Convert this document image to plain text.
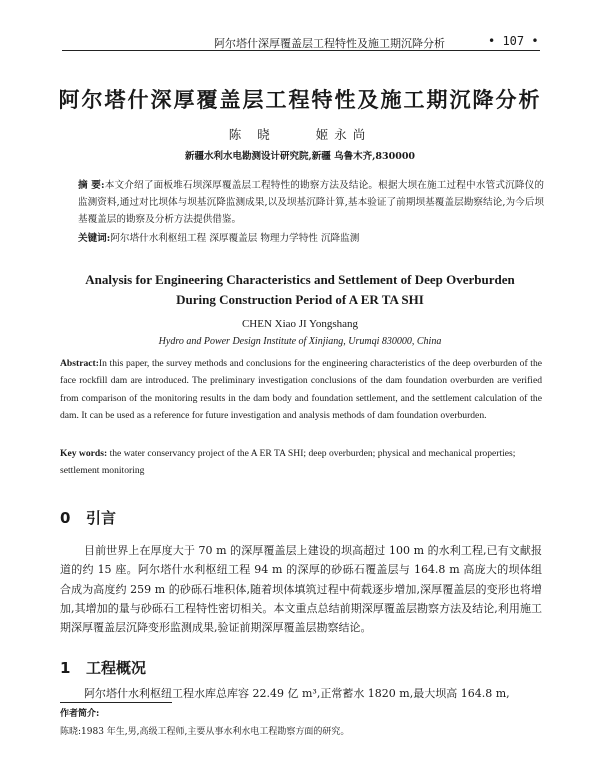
阿尔塔什深厚覆盖层工程特性及施工期沉降分析	• 107 •
阿尔塔什深厚覆盖层工程特性及施工期沉降分析
陈 晓	姬永尚
新疆水利水电勘测设计研究院,新疆 乌鲁木齐,830000
摘 要:本文介绍了面板堆石坝深厚覆盖层工程特性的勘察方法及结论。根据大坝在施工过程中水管式沉降仪的监测资料,通过对比坝体与坝基沉降监测成果,以及坝基沉降计算,基本验证了前期坝基覆盖层勘察结论,为今后坝基覆盖层的勘察及分析方法提供借鉴。
关键词:阿尔塔什水利枢纽工程 深厚覆盖层 物理力学特性 沉降监测
Analysis for Engineering Characteristics and Settlement of Deep Overburden
During Construction Period of A ER TA SHI
CHEN Xiao JI Yongshang
Hydro and Power Design Institute of Xinjiang, Urumqi 830000, China
Abstract:In this paper, the survey methods and conclusions for the engineering characteristics of the deep overburden of the face rockfill dam are introduced. The preliminary investigation conclusions of the dam foundation overburden are verified from comparison of the monitoring results in the dam body and foundation settlement, and the settlement calculation of the dam. It can be used as a reference for future investigation and analysis methods of dam foundation overburden.
Key words: the water conservancy project of the A ER TA SHI; deep overburden; physical and mechanical properties; settlement monitoring
0 引言

目前世界上在厚度大于 70 m 的深厚覆盖层上建设的坝高超过 100 m 的水利工程,已有文献报道的约 15 座。阿尔塔什水利枢纽工程 94 m 的深厚的砂砾石覆盖层与 164.8 m 高庞大的坝体组合成为高度约 259 m 的砂砾石堆积体,随着坝体填筑过程中荷载逐步增加,深厚覆盖层的变形也将增加,其增加的量与砂砾石工程特性密切相关。本文重点总结前期深厚覆盖层勘察方法及结论,利用施工期深厚覆盖层沉降变形监测成果,验证前期深厚覆盖层勘察结论。

1 工程概况

阿尔塔什水利枢纽工程水库总库容 22.49 亿 m³,正常蓄水 1820 m,最大坝高 164.8 m,

作者简介:
陈晓:1983 年生,男,高级工程师,主要从事水利水电工程勘察方面的研究。
